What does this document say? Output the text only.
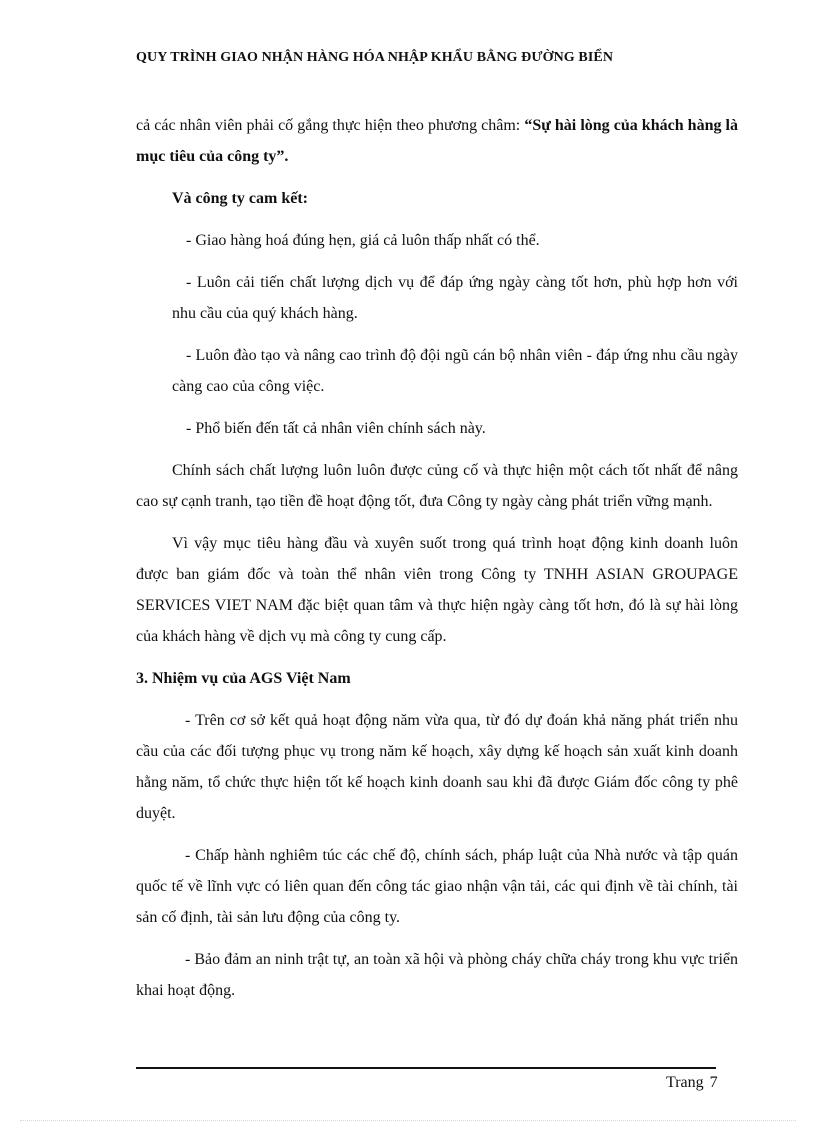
QUY TRÌNH GIAO NHẬN HÀNG HÓA NHẬP KHẨU BẰNG ĐƯỜNG BIỂN

cả các nhân viên phải cố gắng thực hiện theo phương châm: “Sự hài lòng của khách hàng là mục tiêu của công ty”.

Và công ty cam kết:

- Giao hàng hoá đúng hẹn, giá cả luôn thấp nhất có thể.

- Luôn cải tiến chất lượng dịch vụ để đáp ứng ngày càng tốt hơn, phù hợp hơn với nhu cầu của quý khách hàng.

- Luôn đào tạo và nâng cao trình độ đội ngũ cán bộ nhân viên - đáp ứng nhu cầu ngày càng cao của công việc.

- Phổ biến đến tất cả nhân viên chính sách này.

Chính sách chất lượng luôn luôn được củng cố và thực hiện một cách tốt nhất để nâng cao sự cạnh tranh, tạo tiền đề hoạt động tốt, đưa Công ty ngày càng phát triển vững mạnh.

Vì vậy mục tiêu hàng đầu và xuyên suốt trong quá trình hoạt động kinh doanh luôn được ban giám đốc và toàn thể nhân viên trong Công ty TNHH ASIAN GROUPAGE SERVICES VIET NAM đặc biệt quan tâm và thực hiện ngày càng tốt hơn, đó là sự hài lòng của khách hàng về dịch vụ mà công ty cung cấp.

3. Nhiệm vụ của AGS Việt Nam

- Trên cơ sở kết quả hoạt động năm vừa qua, từ đó dự đoán khả năng phát triển nhu cầu của các đối tượng phục vụ trong năm kế hoạch, xây dựng kế hoạch sản xuất kinh doanh hằng năm, tổ chức thực hiện tốt kế hoạch kinh doanh sau khi đã được Giám đốc công ty phê duyệt.

- Chấp hành nghiêm túc các chế độ, chính sách, pháp luật của Nhà nước và tập quán quốc tế về lĩnh vực có liên quan đến công tác giao nhận vận tải, các qui định về tài chính, tài sản cố định, tài sản lưu động của công ty.

- Bảo đảm an ninh trật tự, an toàn xã hội và phòng cháy chữa cháy trong khu vực triển khai hoạt động.

Trang 7
